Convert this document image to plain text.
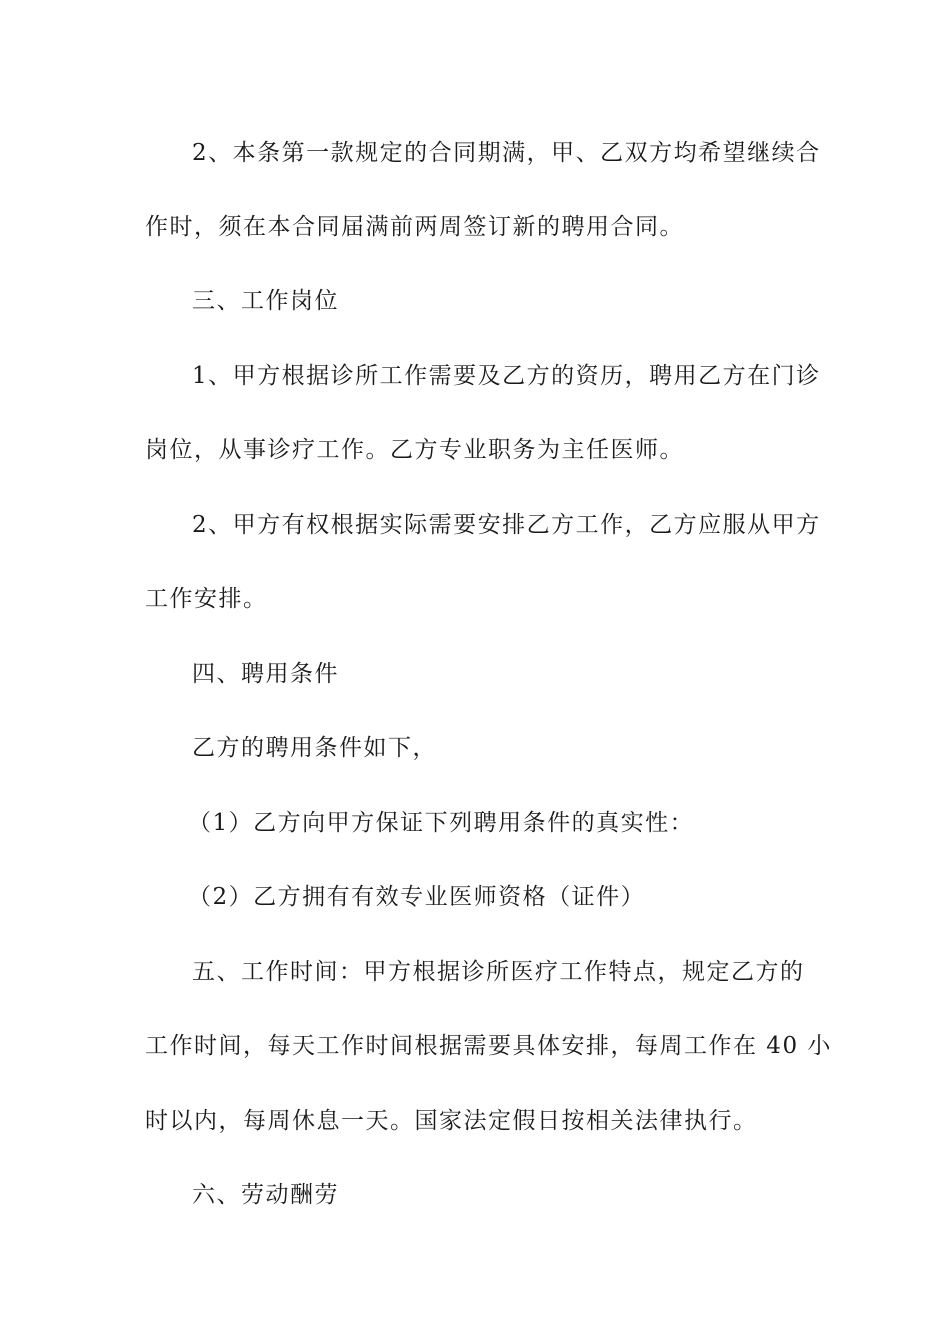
2、本条第一款规定的合同期满，甲、乙双方均希望继续合
作时，须在本合同届满前两周签订新的聘用合同。
三、工作岗位
1、甲方根据诊所工作需要及乙方的资历，聘用乙方在门诊
岗位，从事诊疗工作。乙方专业职务为主任医师。
2、甲方有权根据实际需要安排乙方工作，乙方应服从甲方
工作安排。
四、聘用条件
乙方的聘用条件如下，
（1）乙方向甲方保证下列聘用条件的真实性：
（2）乙方拥有有效专业医师资格（证件）
五、工作时间：甲方根据诊所医疗工作特点，规定乙方的
工作时间，每天工作时间根据需要具体安排，每周工作在 40 小
时以内，每周休息一天。国家法定假日按相关法律执行。
六、劳动酬劳
